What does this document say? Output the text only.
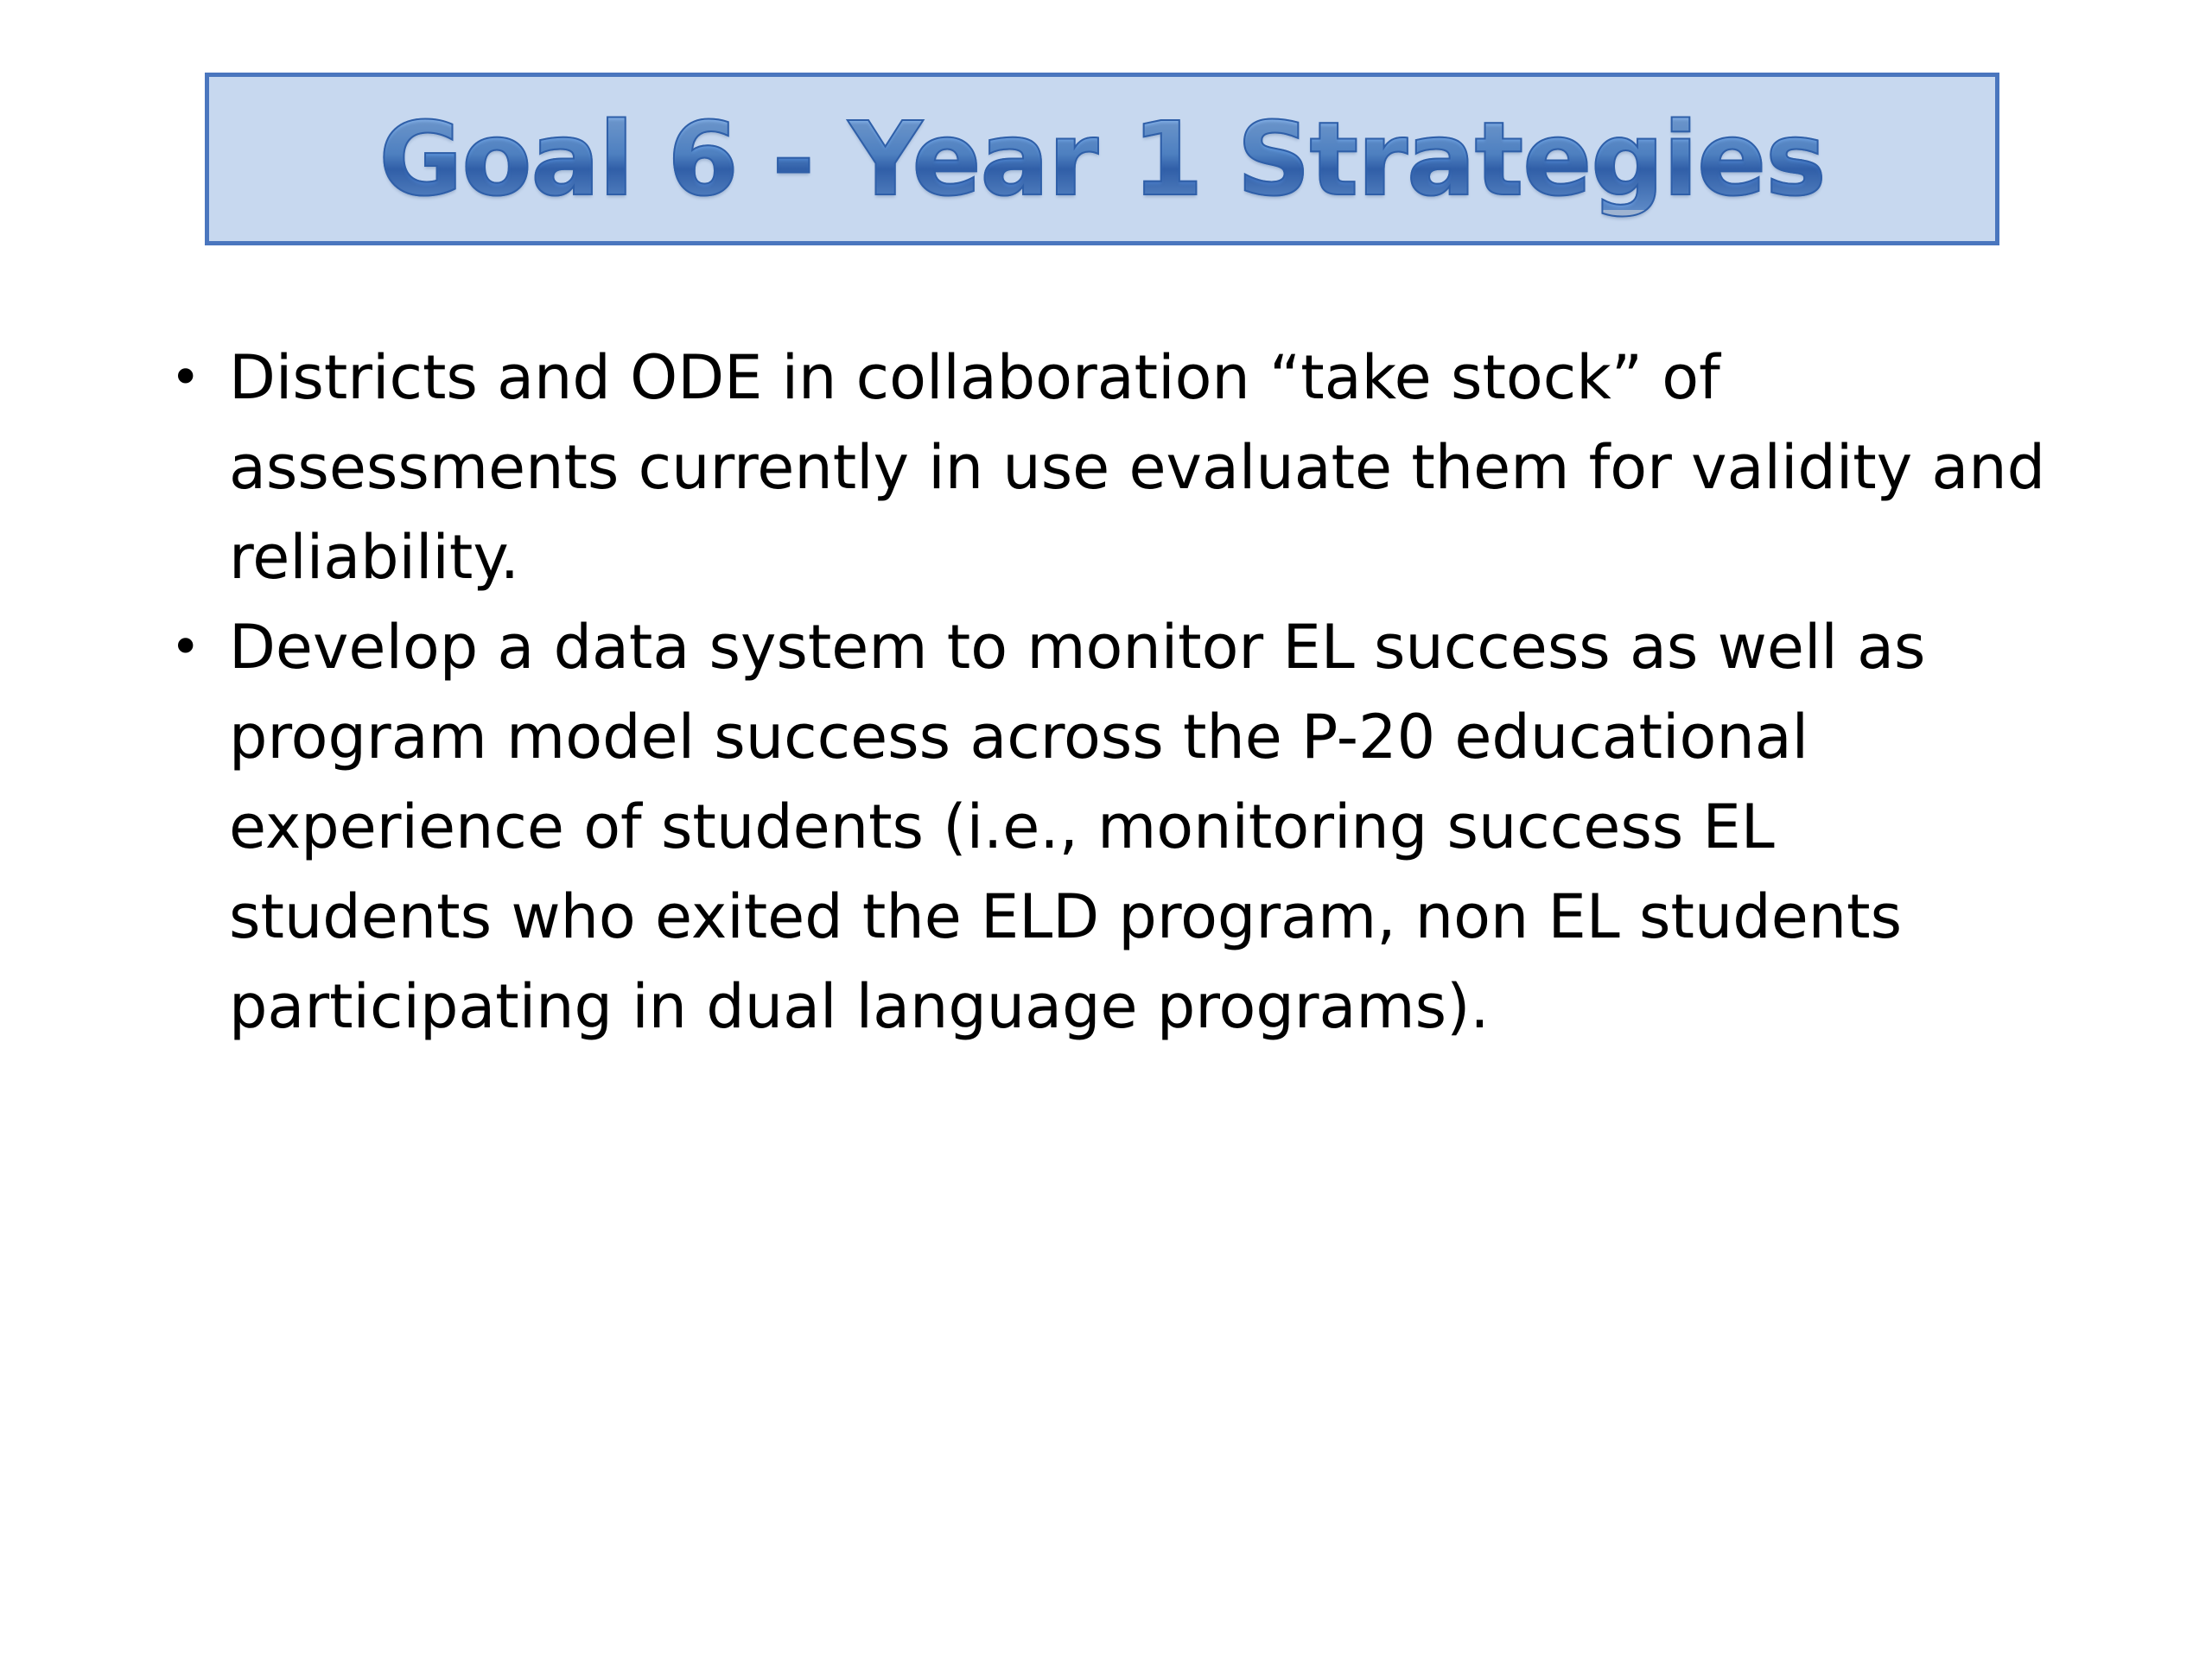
Goal 6 - Year 1 Strategies
• Districts and ODE in collaboration “take stock” of assessments currently in use evaluate them for validity and reliability.
• Develop a data system to monitor EL success as well as program model success across the P-20 educational experience of students (i.e., monitoring success EL students who exited the ELD program, non EL students participating in dual language programs).
